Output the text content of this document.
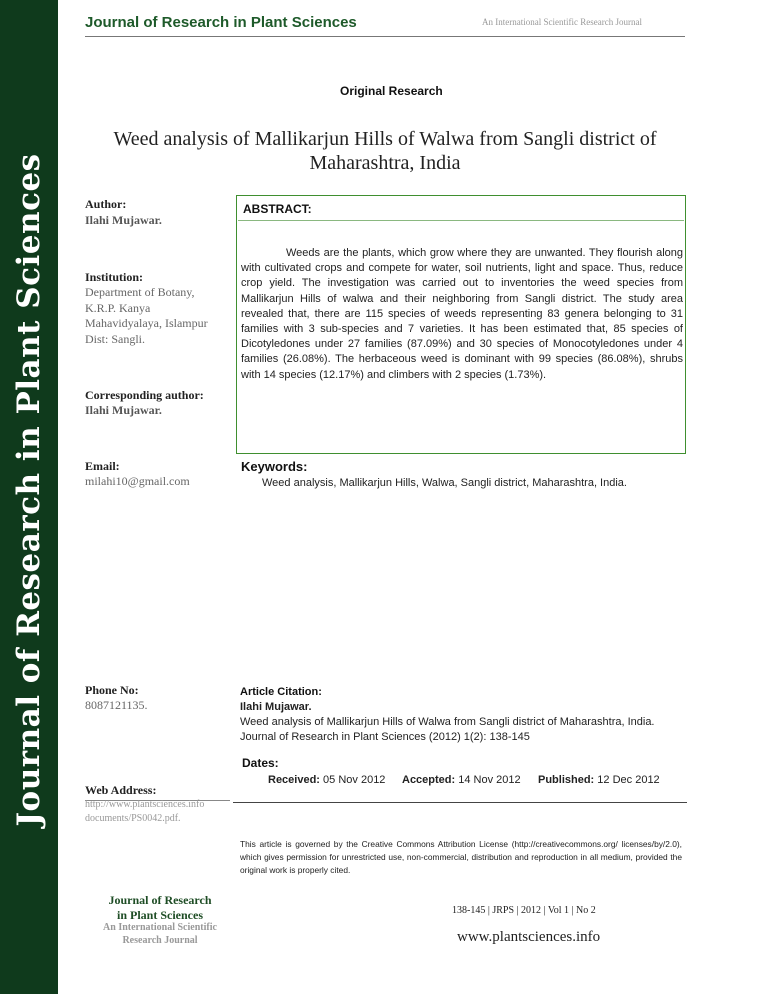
Journal of Research in Plant Sciences
Journal of Research in Plant Sciences	An International Scientific Research Journal
Original Research
Weed analysis of Mallikarjun Hills of Walwa from Sangli district of
Maharashtra, India
Author:
Ilahi Mujawar.
Institution:
Department of Botany,
K.R.P. Kanya
Mahavidyalaya, Islampur
Dist: Sangli.
Corresponding author:
Ilahi Mujawar.
Email:
milahi10@gmail.com
Phone No:
8087121135.
Web Address:
http://www.plantsciences.info
documents/PS0042.pdf.
ABSTRACT:
Weeds are the plants, which grow where they are unwanted. They flourish along with cultivated crops and compete for water, soil nutrients, light and space. Thus, reduce crop yield. The investigation was carried out to inventories the weed species from Mallikarjun Hills of walwa and their neighboring from Sangli district. The study area revealed that, there are 115 species of weeds representing 83 genera belonging to 31 families with 3 sub-species and 7 varieties. It has been estimated that, 85 species of Dicotyledones under 27 families (87.09%) and 30 species of Monocotyledones under 4 families (26.08%). The herbaceous weed is dominant with 99 species (86.08%), shrubs with 14 species (12.17%) and climbers with 2 species (1.73%).
Keywords:
Weed analysis, Mallikarjun Hills, Walwa, Sangli district, Maharashtra, India.
Article Citation:
Ilahi Mujawar.
Weed analysis of Mallikarjun Hills of Walwa from Sangli district of Maharashtra, India.
Journal of Research in Plant Sciences (2012) 1(2): 138-145
Dates:
Received: 05 Nov 2012 Accepted: 14 Nov 2012 Published: 12 Dec 2012
This article is governed by the Creative Commons Attribution License (http://creativecommons.org/ licenses/by/2.0), which gives permission for unrestricted use, non-commercial, distribution and reproduction in all medium, provided the original work is properly cited.
Journal of Research
in Plant Sciences
An International Scientific
Research Journal
138-145 | JRPS | 2012 | Vol 1 | No 2
www.plantsciences.info
